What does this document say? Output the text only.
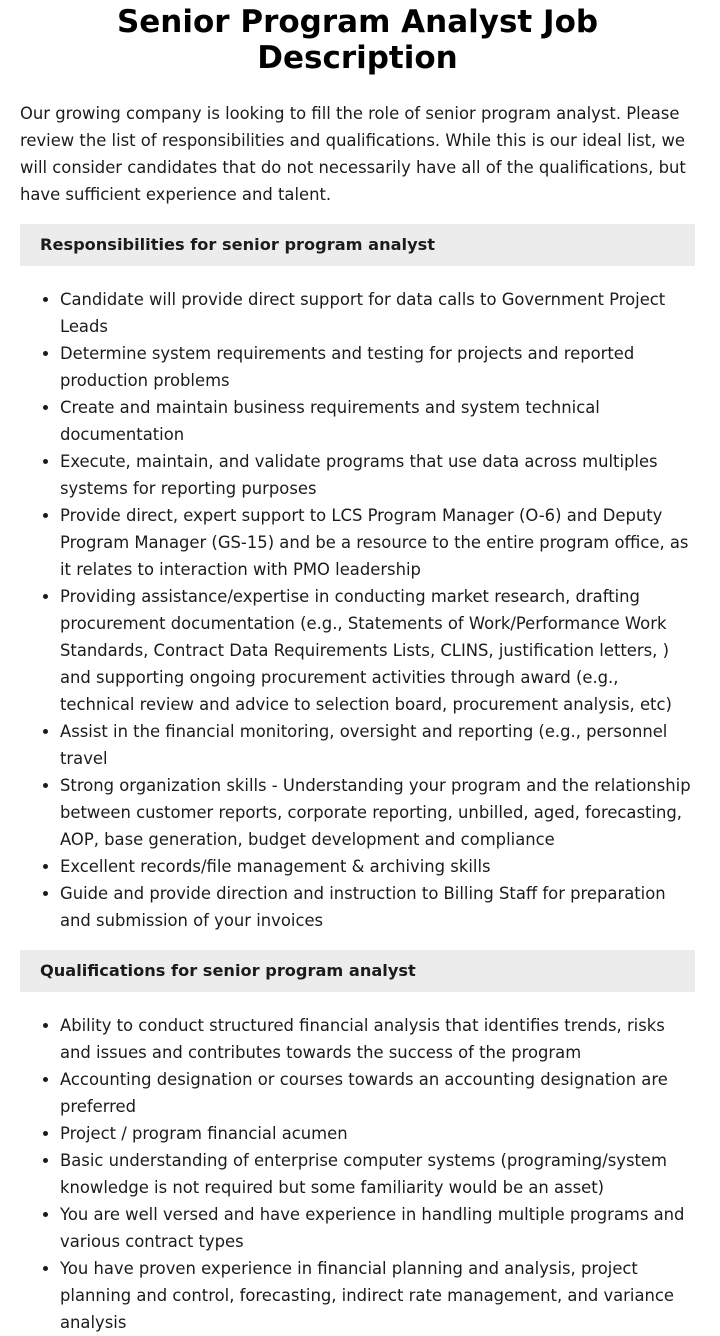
Senior Program Analyst Job Description

Our growing company is looking to fill the role of senior program analyst. Please review the list of responsibilities and qualifications. While this is our ideal list, we will consider candidates that do not necessarily have all of the qualifications, but have sufficient experience and talent.

Responsibilities for senior program analyst
• Candidate will provide direct support for data calls to Government Project Leads
• Determine system requirements and testing for projects and reported production problems
• Create and maintain business requirements and system technical documentation
• Execute, maintain, and validate programs that use data across multiples systems for reporting purposes
• Provide direct, expert support to LCS Program Manager (O-6) and Deputy Program Manager (GS-15) and be a resource to the entire program office, as it relates to interaction with PMO leadership
• Providing assistance/expertise in conducting market research, drafting procurement documentation (e.g., Statements of Work/Performance Work Standards, Contract Data Requirements Lists, CLINS, justification letters, ) and supporting ongoing procurement activities through award (e.g., technical review and advice to selection board, procurement analysis, etc)
• Assist in the financial monitoring, oversight and reporting (e.g., personnel travel
• Strong organization skills - Understanding your program and the relationship between customer reports, corporate reporting, unbilled, aged, forecasting, AOP, base generation, budget development and compliance
• Excellent records/file management & archiving skills
• Guide and provide direction and instruction to Billing Staff for preparation and submission of your invoices
Qualifications for senior program analyst
• Ability to conduct structured financial analysis that identifies trends, risks and issues and contributes towards the success of the program
• Accounting designation or courses towards an accounting designation are preferred
• Project / program financial acumen
• Basic understanding of enterprise computer systems (programing/system knowledge is not required but some familiarity would be an asset)
• You are well versed and have experience in handling multiple programs and various contract types
• You have proven experience in financial planning and analysis, project planning and control, forecasting, indirect rate management, and variance analysis
